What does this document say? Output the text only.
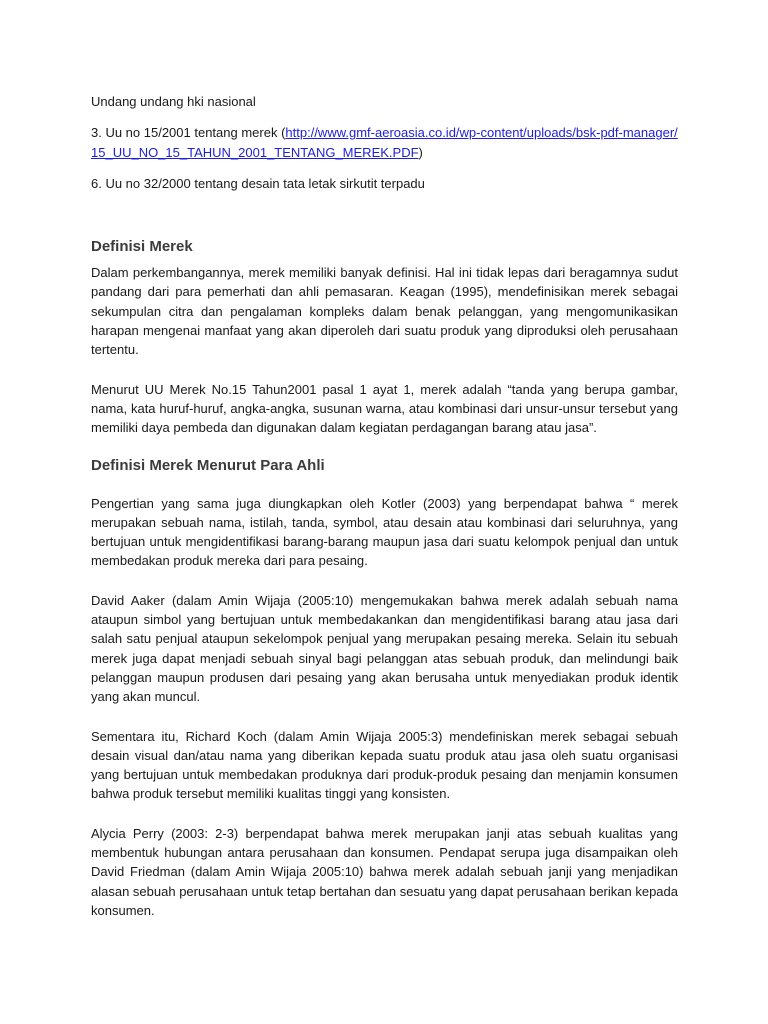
Undang undang hki nasional

3. Uu no 15/2001 tentang merek (http://www.gmf-aeroasia.co.id/wp-content/uploads/bsk-pdf-manager/15_UU_NO_15_TAHUN_2001_TENTANG_MEREK.PDF)

6. Uu no 32/2000 tentang desain tata letak sirkutit terpadu

Definisi Merek

Dalam perkembangannya, merek memiliki banyak definisi. Hal ini tidak lepas dari beragamnya sudut pandang dari para pemerhati dan ahli pemasaran. Keagan (1995), mendefinisikan merek sebagai sekumpulan citra dan pengalaman kompleks dalam benak pelanggan, yang mengomunikasikan harapan mengenai manfaat yang akan diperoleh dari suatu produk yang diproduksi oleh perusahaan tertentu.

Menurut UU Merek No.15 Tahun2001 pasal 1 ayat 1, merek adalah “tanda yang berupa gambar, nama, kata huruf-huruf, angka-angka, susunan warna, atau kombinasi dari unsur-unsur tersebut yang memiliki daya pembeda dan digunakan dalam kegiatan perdagangan barang atau jasa”.

Definisi Merek Menurut Para Ahli

Pengertian yang sama juga diungkapkan oleh Kotler (2003) yang berpendapat bahwa “ merek merupakan sebuah nama, istilah, tanda, symbol, atau desain atau kombinasi dari seluruhnya, yang bertujuan untuk mengidentifikasi barang-barang maupun jasa dari suatu kelompok penjual dan untuk membedakan produk mereka dari para pesaing.

David Aaker (dalam Amin Wijaja (2005:10) mengemukakan bahwa merek adalah sebuah nama ataupun simbol yang bertujuan untuk membedakankan dan mengidentifikasi barang atau jasa dari salah satu penjual ataupun sekelompok penjual yang merupakan pesaing mereka. Selain itu sebuah merek juga dapat menjadi sebuah sinyal bagi pelanggan atas sebuah produk, dan melindungi baik pelanggan maupun produsen dari pesaing yang akan berusaha untuk menyediakan produk identik yang akan muncul.

Sementara itu, Richard Koch (dalam Amin Wijaja 2005:3) mendefiniskan merek sebagai sebuah desain visual dan/atau nama yang diberikan kepada suatu produk atau jasa oleh suatu organisasi yang bertujuan untuk membedakan produknya dari produk-produk pesaing dan menjamin konsumen bahwa produk tersebut memiliki kualitas tinggi yang konsisten.

Alycia Perry (2003: 2-3) berpendapat bahwa merek merupakan janji atas sebuah kualitas yang membentuk hubungan antara perusahaan dan konsumen. Pendapat serupa juga disampaikan oleh David Friedman (dalam Amin Wijaja 2005:10) bahwa merek adalah sebuah janji yang menjadikan alasan sebuah perusahaan untuk tetap bertahan dan sesuatu yang dapat perusahaan berikan kepada konsumen.
